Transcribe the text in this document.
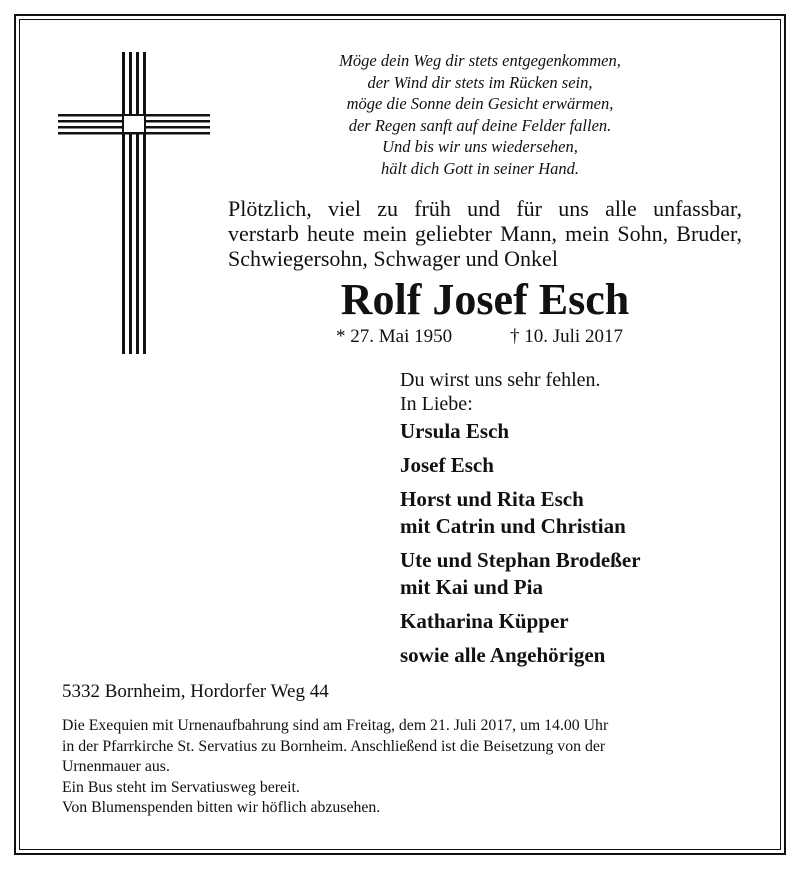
Möge dein Weg dir stets entgegenkommen,
der Wind dir stets im Rücken sein,
möge die Sonne dein Gesicht erwärmen,
der Regen sanft auf deine Felder fallen.
Und bis wir uns wiedersehen,
hält dich Gott in seiner Hand.
Plötzlich, viel zu früh und für uns alle unfassbar,
verstarb heute mein geliebter Mann, mein Sohn, Bruder,
Schwiegersohn, Schwager und Onkel
Rolf Josef Esch
* 27. Mai 1950	† 10. Juli 2017
Du wirst uns sehr fehlen.
In Liebe:
Ursula Esch
Josef Esch
Horst und Rita Esch
mit Catrin und Christian
Ute und Stephan Brodeßer
mit Kai und Pia
Katharina Küpper
sowie alle Angehörigen
5332 Bornheim, Hordorfer Weg 44
Die Exequien mit Urnenaufbahrung sind am Freitag, dem 21. Juli 2017, um 14.00 Uhr
in der Pfarrkirche St. Servatius zu Bornheim. Anschließend ist die Beisetzung von der
Urnenmauer aus.
Ein Bus steht im Servatiusweg bereit.
Von Blumenspenden bitten wir höflich abzusehen.
